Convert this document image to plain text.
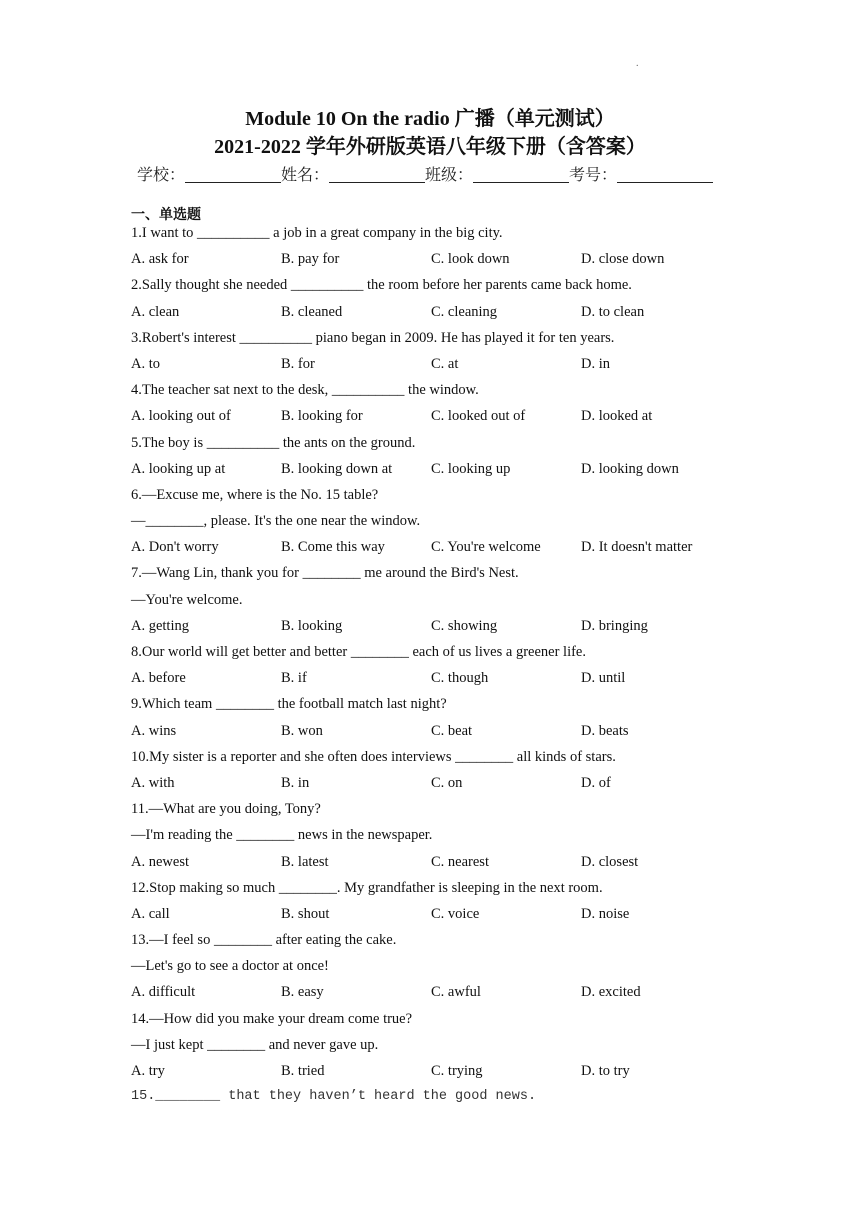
.
Module 10 On the radio 广播（单元测试）
2021-2022 学年外研版英语八年级下册（含答案）
学校：	姓名：	班级：	考号：
一、单选题
1.I want to __________ a job in a great company in the big city.
A. ask for	B. pay for	C. look down	D. close down
2.Sally thought she needed __________ the room before her parents came back home.
A. clean	B. cleaned	C. cleaning	D. to clean
3.Robert's interest __________ piano began in 2009. He has played it for ten years.
A. to	B. for	C. at	D. in
4.The teacher sat next to the desk, __________ the window.
A. looking out of	B. looking for	C. looked out of	D. looked at
5.The boy is __________ the ants on the ground.
A. looking up at	B. looking down at	C. looking up	D. looking down
6.—Excuse me, where is the No. 15 table?
—________, please. It's the one near the window.
A. Don't worry	B. Come this way	C. You're welcome	D. It doesn't matter
7.—Wang Lin, thank you for ________ me around the Bird's Nest.
—You're welcome.
A. getting	B. looking	C. showing	D. bringing
8.Our world will get better and better ________ each of us lives a greener life.
A. before	B. if	C. though	D. until
9.Which team ________ the football match last night?
A. wins	B. won	C. beat	D. beats
10.My sister is a reporter and she often does interviews ________ all kinds of stars.
A. with	B. in	C. on	D. of
11.—What are you doing, Tony?
—I'm reading the ________ news in the newspaper.
A. newest	B. latest	C. nearest	D. closest
12.Stop making so much ________. My grandfather is sleeping in the next room.
A. call	B. shout	C. voice	D. noise
13.—I feel so ________ after eating the cake.
—Let's go to see a doctor at once!
A. difficult	B. easy	C. awful	D. excited
14.—How did you make your dream come true?
—I just kept ________ and never gave up.
A. try	B. tried	C. trying	D. to try
15.________ that they haven’t heard the good news.
